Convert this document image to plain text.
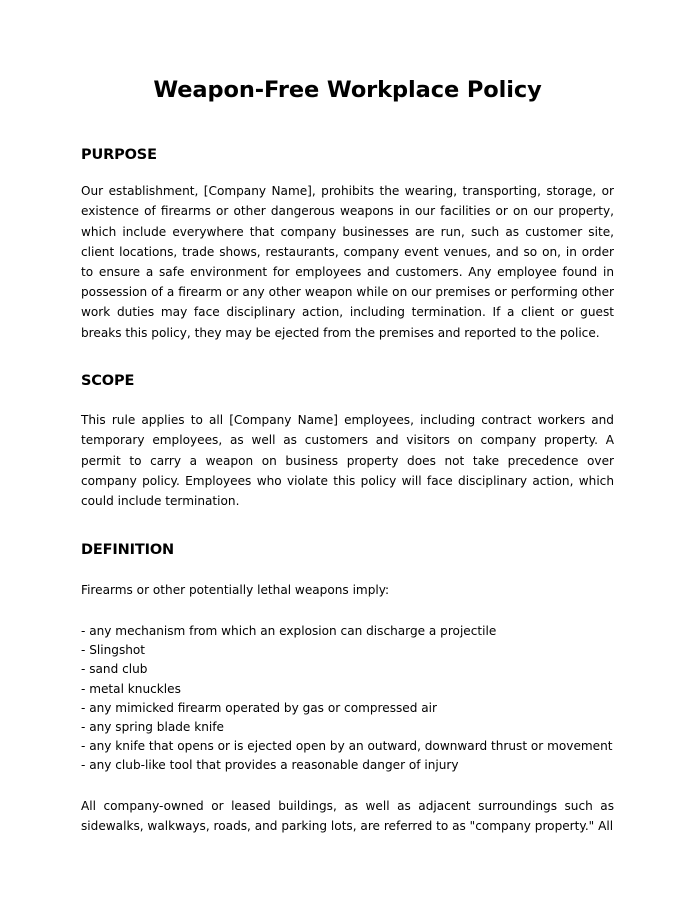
Weapon-Free Workplace Policy
PURPOSE

Our establishment, [Company Name], prohibits the wearing, transporting, storage, or existence of firearms or other dangerous weapons in our facilities or on our property, which include everywhere that company businesses are run, such as customer site, client locations, trade shows, restaurants, company event venues, and so on, in order to ensure a safe environment for employees and customers. Any employee found in possession of a firearm or any other weapon while on our premises or performing other work duties may face disciplinary action, including termination. If a client or guest breaks this policy, they may be ejected from the premises and reported to the police.

SCOPE

This rule applies to all [Company Name] employees, including contract workers and temporary employees, as well as customers and visitors on company property. A permit to carry a weapon on business property does not take precedence over company policy. Employees who violate this policy will face disciplinary action, which could include termination.

DEFINITION

Firearms or other potentially lethal weapons imply:

- any mechanism from which an explosion can discharge a projectile
- Slingshot
- sand club
- metal knuckles
- any mimicked firearm operated by gas or compressed air
- any spring blade knife
- any knife that opens or is ejected open by an outward, downward thrust or movement
- any club-like tool that provides a reasonable danger of injury

All company-owned or leased buildings, as well as adjacent surroundings such as sidewalks, walkways, roads, and parking lots, are referred to as "company property." All
